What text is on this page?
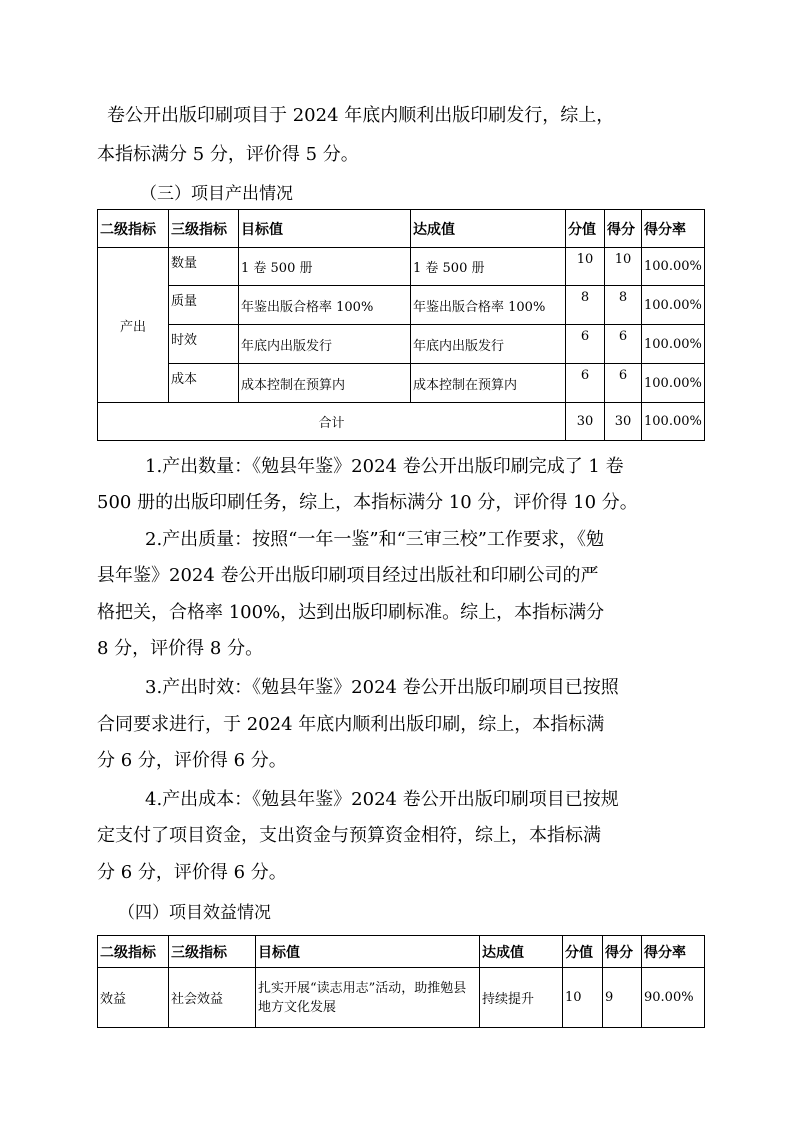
卷公开出版印刷项目于 2024 年底内顺利出版印刷发行，综上，

本指标满分 5 分，评价得 5 分。

（三）项目产出情况

二级指标	三级指标	目标值	达成值	分值	得分	得分率
产出	数量	1 卷 500 册	1 卷 500 册	10	10	100.00%
	质量	年鉴出版合格率 100%	年鉴出版合格率 100%	8	8	100.00%
	时效	年底内出版发行	年底内出版发行	6	6	100.00%
	成本	成本控制在预算内	成本控制在预算内	6	6	100.00%
合计				30	30	100.00%

1.产出数量：《勉县年鉴》2024 卷公开出版印刷完成了 1 卷

500 册的出版印刷任务，综上，本指标满分 10 分，评价得 10 分。

2.产出质量：按照“一年一鉴”和“三审三校”工作要求，《勉

县年鉴》2024 卷公开出版印刷项目经过出版社和印刷公司的严

格把关，合格率 100%，达到出版印刷标准。综上，本指标满分

8 分，评价得 8 分。

3.产出时效：《勉县年鉴》2024 卷公开出版印刷项目已按照

合同要求进行，于 2024 年底内顺利出版印刷，综上，本指标满

分 6 分，评价得 6 分。

4.产出成本：《勉县年鉴》2024 卷公开出版印刷项目已按规

定支付了项目资金，支出资金与预算资金相符，综上，本指标满

分 6 分，评价得 6 分。

（四）项目效益情况

二级指标	三级指标	目标值	达成值	分值	得分	得分率
效益	社会效益	扎实开展“读志用志”活动，助推勉县地方文化发展	持续提升	10	9	90.00%
